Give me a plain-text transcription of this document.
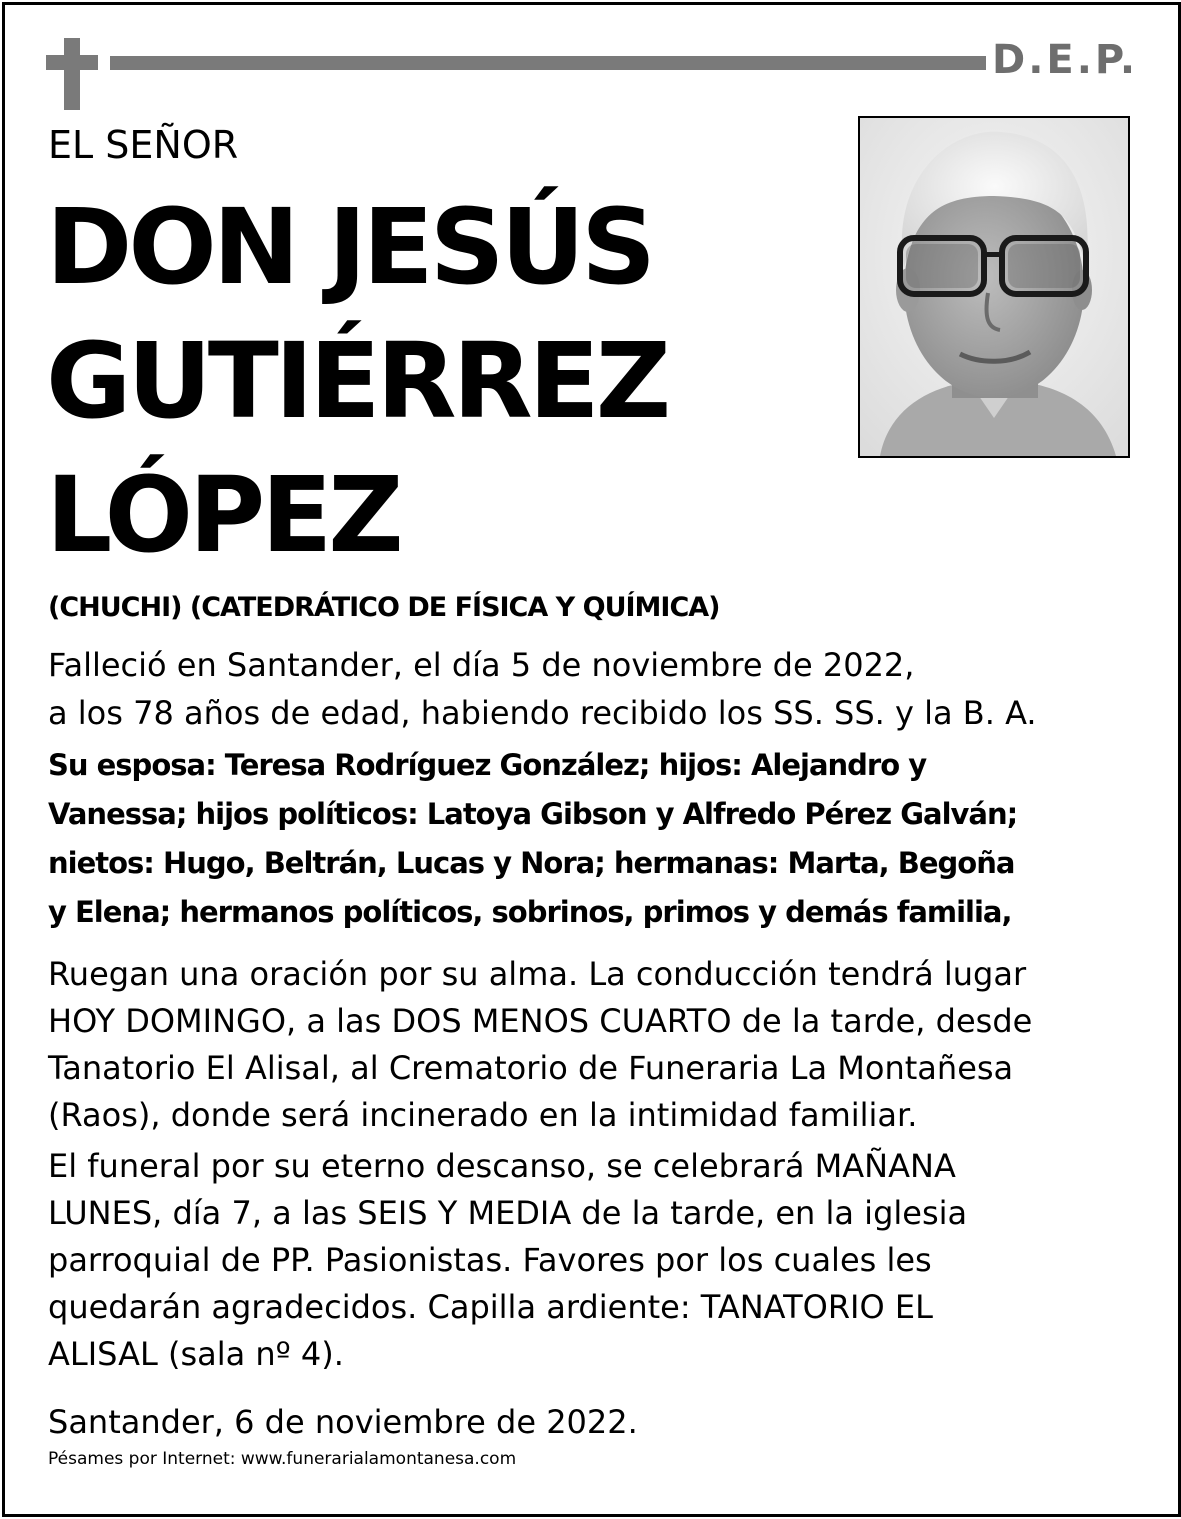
D.E.P.
EL SEÑOR
DON JESÚS
GUTIÉRREZ
LÓPEZ
(CHUCHI) (CATEDRÁTICO DE FÍSICA Y QUÍMICA)
Falleció en Santander, el día 5 de noviembre de 2022,
a los 78 años de edad, habiendo recibido los SS. SS. y la B. A.
Su esposa: Teresa Rodríguez González; hijos: Alejandro y
Vanessa; hijos políticos: Latoya Gibson y Alfredo Pérez Galván;
nietos: Hugo, Beltrán, Lucas y Nora; hermanas: Marta, Begoña
y Elena; hermanos políticos, sobrinos, primos y demás familia,
Ruegan una oración por su alma. La conducción tendrá lugar
HOY DOMINGO, a las DOS MENOS CUARTO de la tarde, desde
Tanatorio El Alisal, al Crematorio de Funeraria La Montañesa
(Raos), donde será incinerado en la intimidad familiar.
El funeral por su eterno descanso, se celebrará MAÑANA
LUNES, día 7, a las SEIS Y MEDIA de la tarde, en la iglesia
parroquial de PP. Pasionistas. Favores por los cuales les
quedarán agradecidos. Capilla ardiente: TANATORIO EL
ALISAL (sala nº 4).
Santander, 6 de noviembre de 2022.
Pésames por Internet: www.funerarialamontanesa.com
